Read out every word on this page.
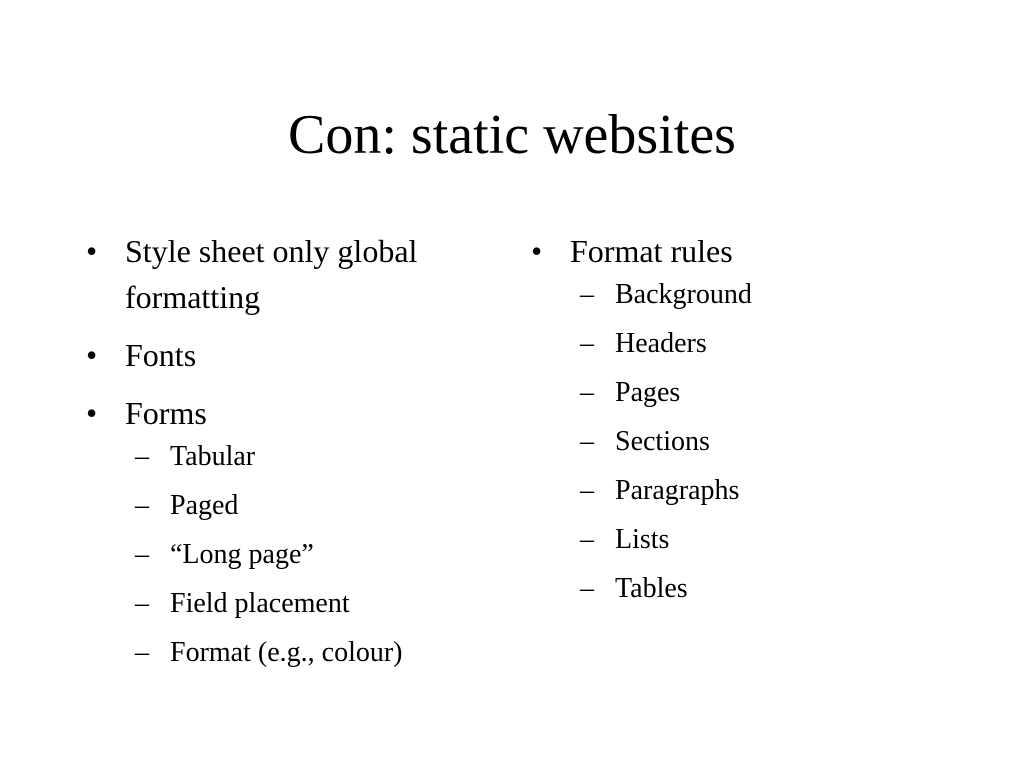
Con: static websites
• Style sheet only global formatting
• Fonts
• Forms
– Tabular
– Paged
– “Long page”
– Field placement
– Format (e.g., colour)
• Format rules
– Background
– Headers
– Pages
– Sections
– Paragraphs
– Lists
– Tables
